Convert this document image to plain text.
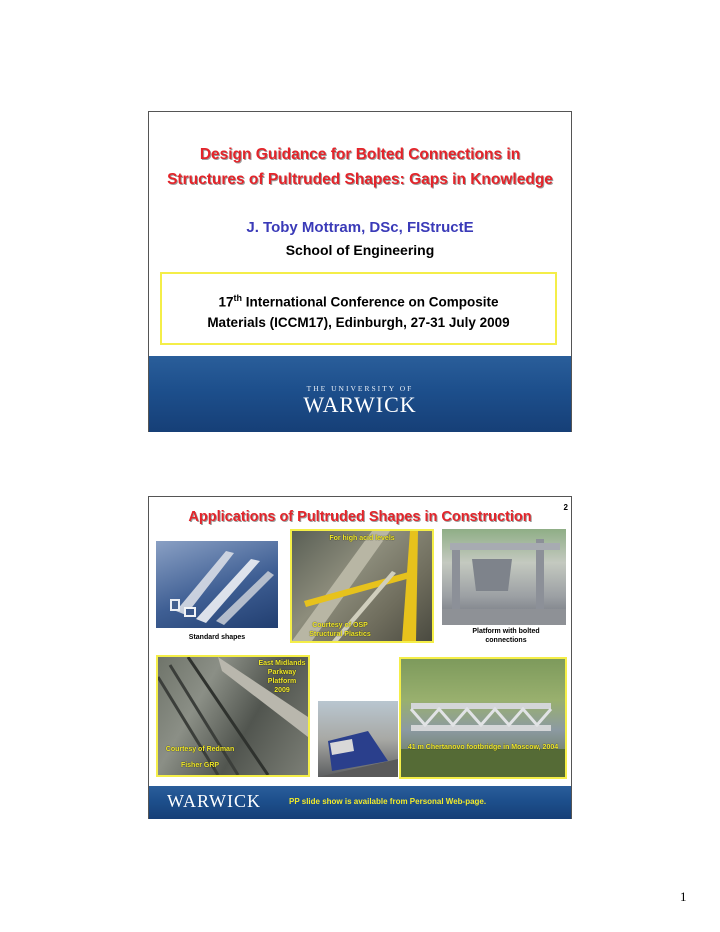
Design Guidance for Bolted Connections in
Structures of Pultruded Shapes: Gaps in Knowledge
J. Toby Mottram, DSc, FIStructE
School of Engineering
17th International Conference on Composite
Materials (ICCM17), Edinburgh, 27-31 July 2009
THE UNIVERSITY OF
WARWICK
2
Applications of Pultruded Shapes in Construction
Standard shapes
For high acid levels
Courtesy of OSP
Structural Plastics	Platform with bolted
connections
East Midlands
Parkway Platform
2009
Courtesy of Redman
Fisher GRP
41 m Chertanovo footbridge in Moscow, 2004
WARWICK	PP slide show is available from Personal Web-page.
1
